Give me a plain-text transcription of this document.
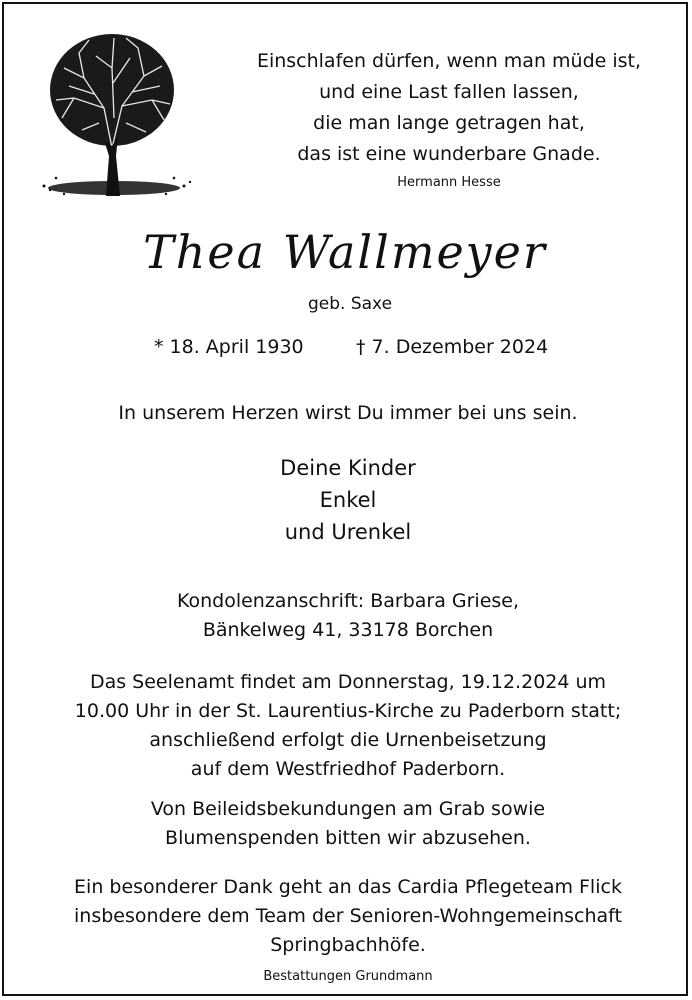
Einschlafen dürfen, wenn man müde ist,
und eine Last fallen lassen,
die man lange getragen hat,
das ist eine wunderbare Gnade.
Hermann Hesse
Thea Wallmeyer
geb. Saxe
* 18. April 1930	† 7. Dezember 2024
In unserem Herzen wirst Du immer bei uns sein.
Deine Kinder
Enkel
und Urenkel
Kondolenzanschrift: Barbara Griese,
Bänkelweg 41, 33178 Borchen
Das Seelenamt findet am Donnerstag, 19.12.2024 um
10.00 Uhr in der St. Laurentius-Kirche zu Paderborn statt;
anschließend erfolgt die Urnenbeisetzung
auf dem Westfriedhof Paderborn.
Von Beileidsbekundungen am Grab sowie
Blumenspenden bitten wir abzusehen.
Ein besonderer Dank geht an das Cardia Pflegeteam Flick
insbesondere dem Team der Senioren-Wohngemeinschaft
Springbachhöfe.
Bestattungen Grundmann
